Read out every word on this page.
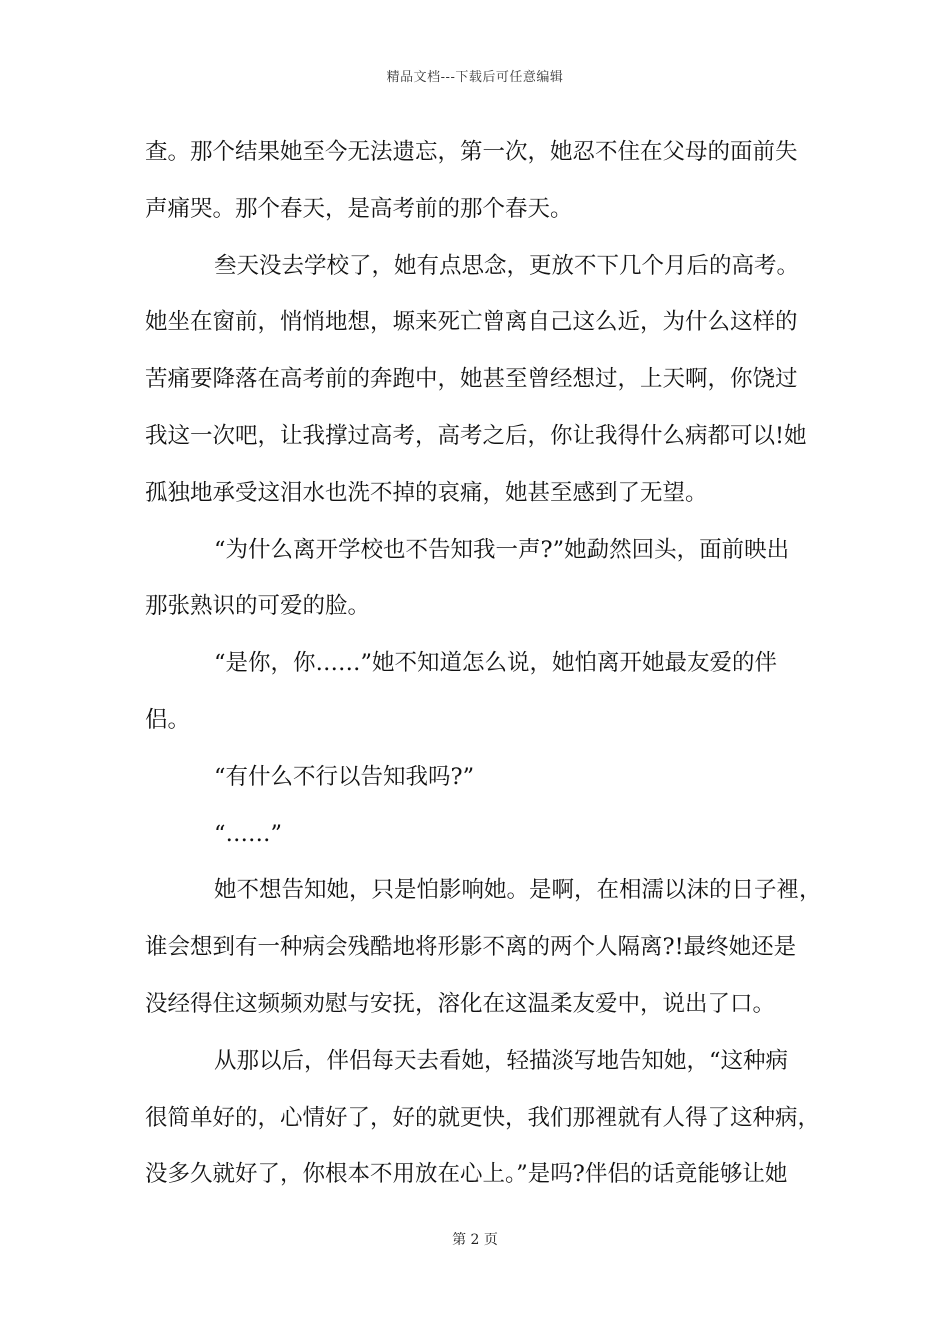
精品文档---下载后可任意编辑
查。那个结果她至今无法遗忘，第一次，她忍不住在父母的面前失
声痛哭。那个春天，是高考前的那个春天。
叁天没去学校了，她有点思念，更放不下几个月后的高考。
她坐在窗前，悄悄地想，塬来死亡曾离自己这么近，为什么这样的
苦痛要降落在高考前的奔跑中，她甚至曾经想过，上天啊，你饶过
我这一次吧，让我撑过高考，高考之后，你让我得什么病都可以!她
孤独地承受这泪水也洗不掉的哀痛，她甚至感到了无望。
“为什么离开学校也不告知我一声?”她勐然回头，面前映出
那张熟识的可爱的脸。
“是你，你……”她不知道怎么说，她怕离开她最友爱的伴
侣。
“有什么不行以告知我吗?”
“……”
她不想告知她，只是怕影响她。是啊，在相濡以沫的日子裡，
谁会想到有一种病会残酷地将形影不离的两个人隔离?!最终她还是
没经得住这频频劝慰与安抚，溶化在这温柔友爱中，说出了口。
从那以后，伴侣每天去看她，轻描淡写地告知她，“这种病
很简单好的，心情好了，好的就更快，我们那裡就有人得了这种病，
没多久就好了，你根本不用放在心上。”是吗?伴侣的话竟能够让她
第 2 页
